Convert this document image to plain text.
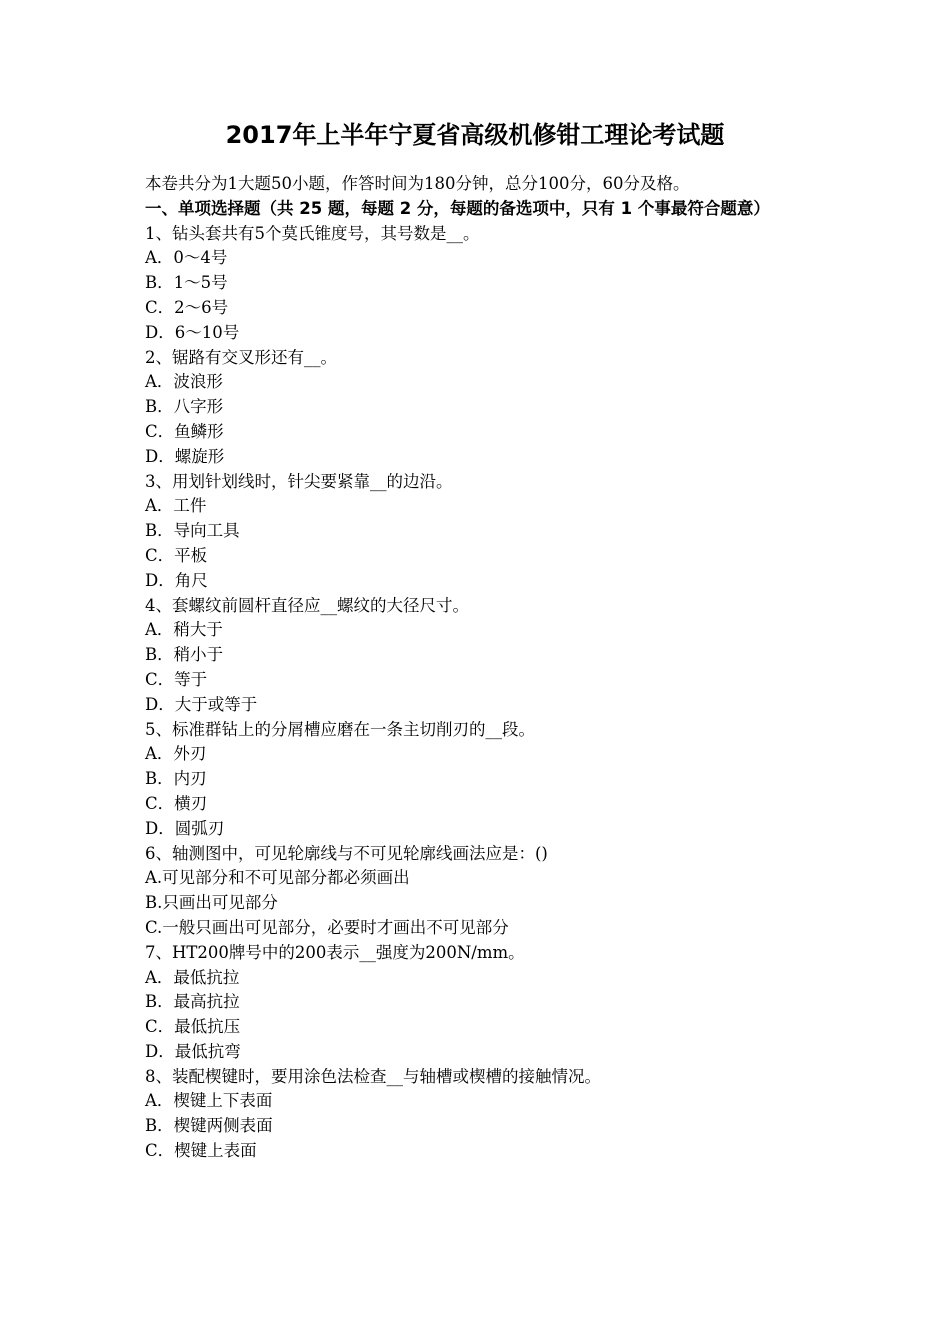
2017年上半年宁夏省高级机修钳工理论考试题
本卷共分为1大题50小题，作答时间为180分钟，总分100分，60分及格。
一、单项选择题（共 25 题，每题 2 分，每题的备选项中，只有 1 个事最符合题意）
1、钻头套共有5个莫氏锥度号，其号数是__。
A．0～4号
B．1～5号
C．2～6号
D．6～10号
2、锯路有交叉形还有__。
A．波浪形
B．八字形
C．鱼鳞形
D．螺旋形
3、用划针划线时，针尖要紧靠__的边沿。
A．工件
B．导向工具
C．平板
D．角尺
4、套螺纹前圆杆直径应__螺纹的大径尺寸。
A．稍大于
B．稍小于
C．等于
D．大于或等于
5、标准群钻上的分屑槽应磨在一条主切削刃的__段。
A．外刃
B．内刃
C．横刃
D．圆弧刃
6、轴测图中，可见轮廓线与不可见轮廓线画法应是：()
A.可见部分和不可见部分都必须画出
B.只画出可见部分
C.一般只画出可见部分，必要时才画出不可见部分
7、HT200牌号中的200表示__强度为200N/mm。
A．最低抗拉
B．最高抗拉
C．最低抗压
D．最低抗弯
8、装配楔键时，要用涂色法检查__与轴槽或楔槽的接触情况。
A．楔键上下表面
B．楔键两侧表面
C．楔键上表面
